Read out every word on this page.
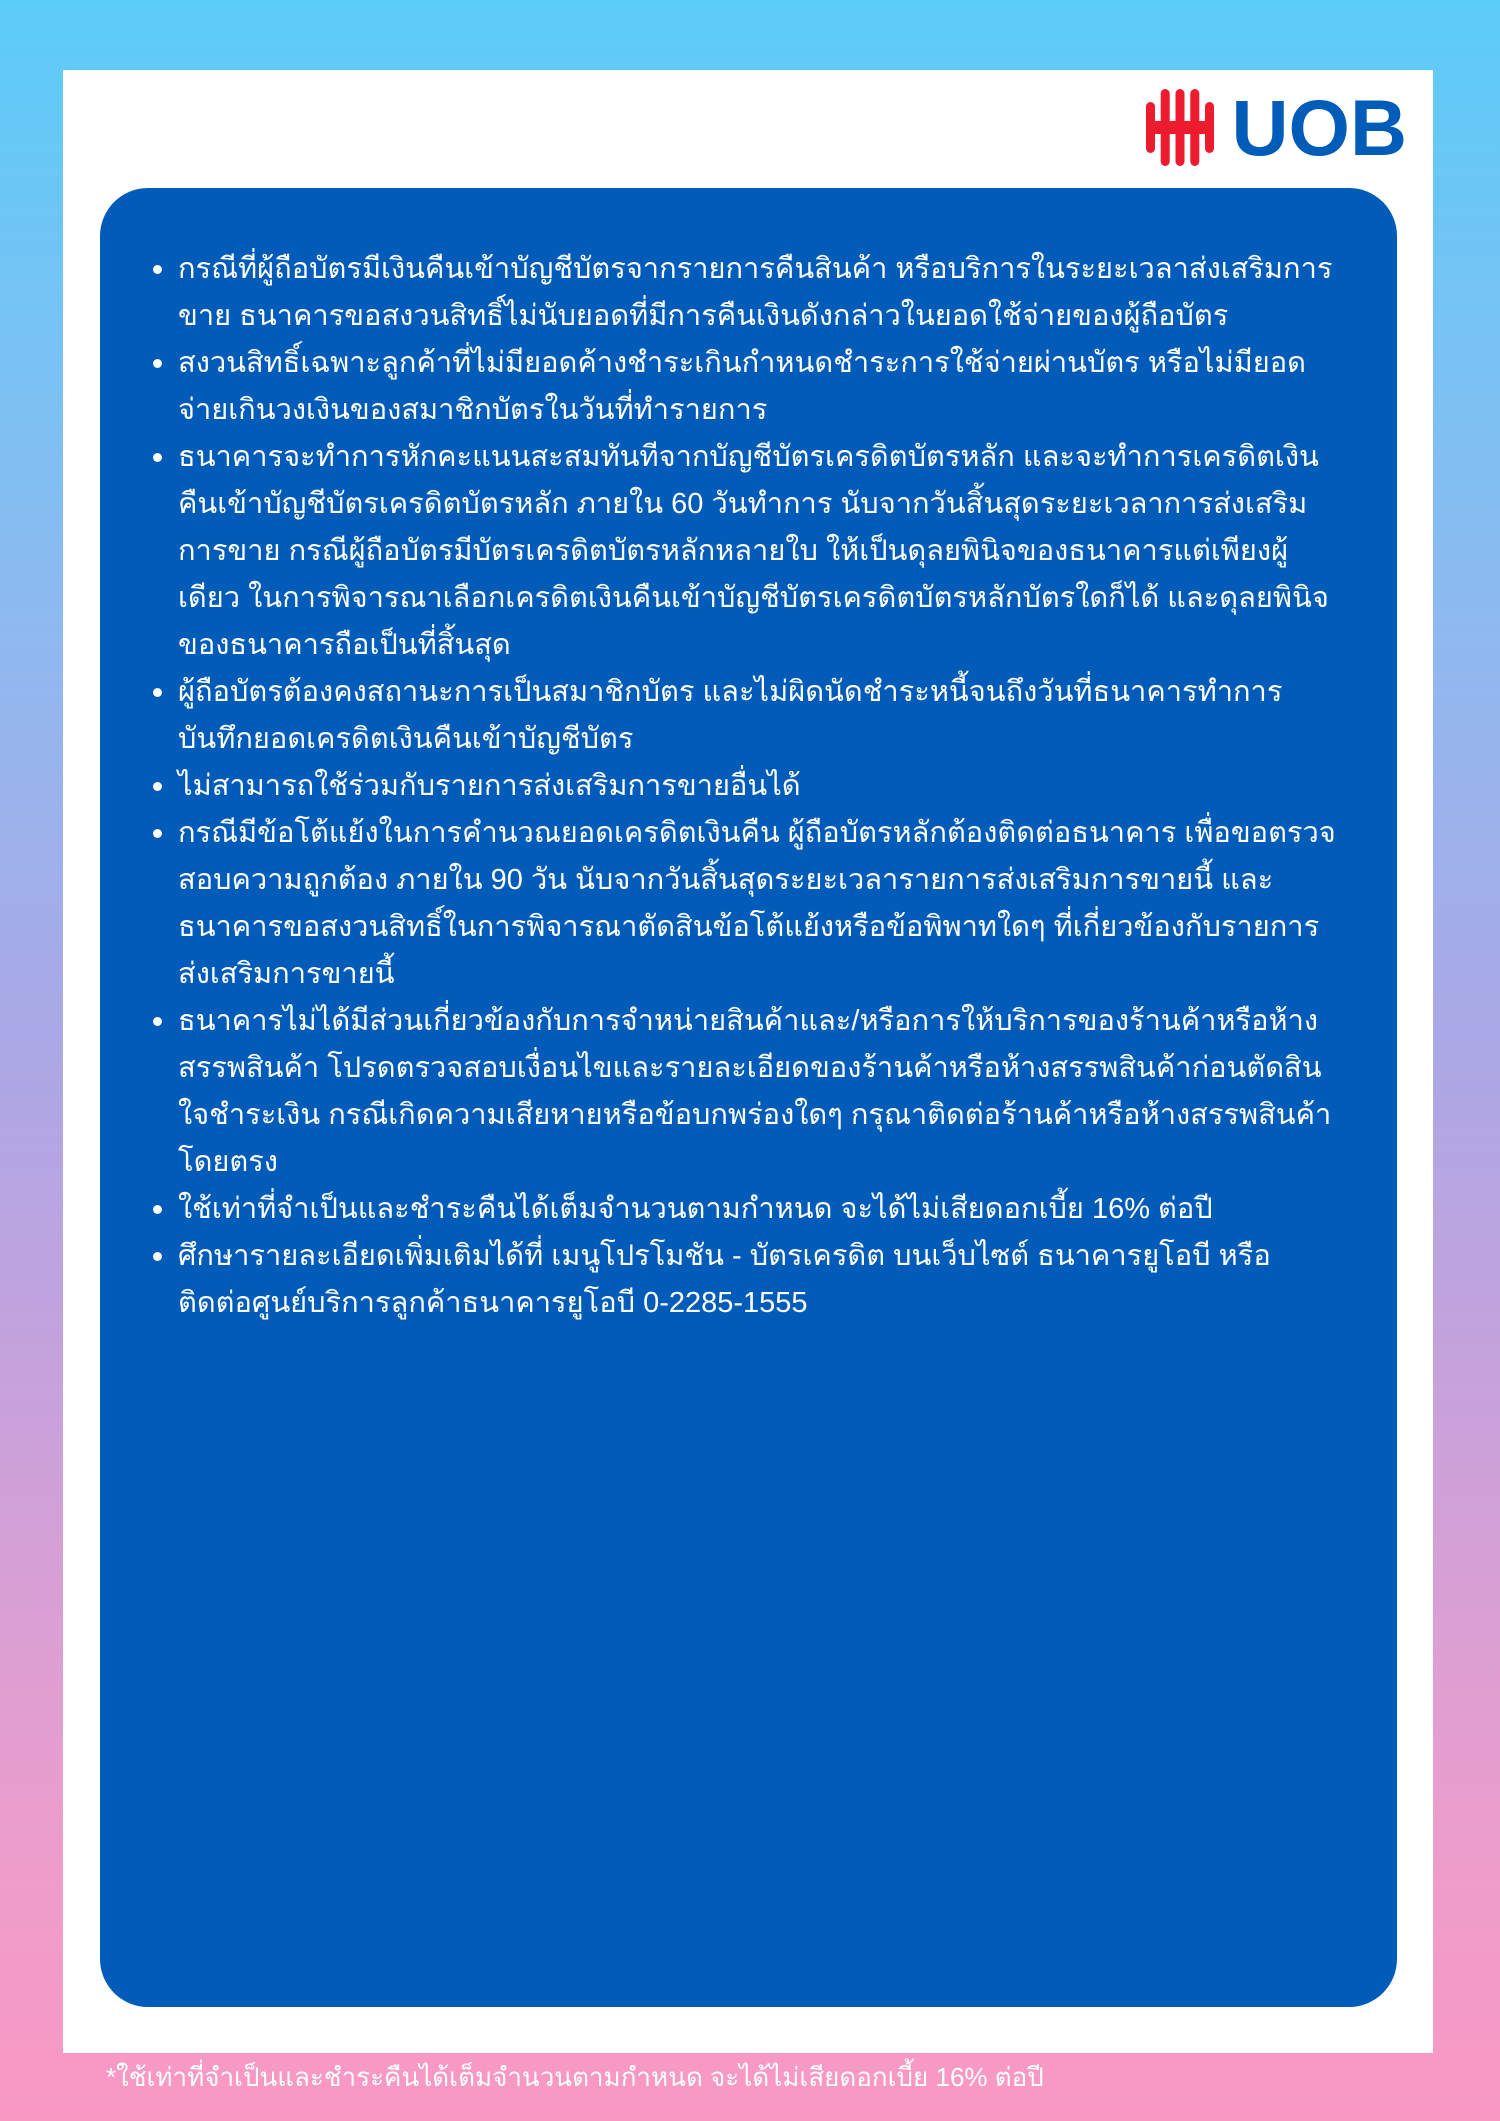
UOB
กรณีที่ผู้ถือบัตรมีเงินคืนเข้าบัญชีบัตรจากรายการคืนสินค้า หรือบริการในระยะเวลาส่งเสริมการขาย ธนาคารขอสงวนสิทธิ์ไม่นับยอดที่มีการคืนเงินดังกล่าวในยอดใช้จ่ายของผู้ถือบัตร
สงวนสิทธิ์เฉพาะลูกค้าที่ไม่มียอดค้างชำระเกินกำหนดชำระการใช้จ่ายผ่านบัตร หรือไม่มียอดจ่ายเกินวงเงินของสมาชิกบัตรในวันที่ทำรายการ
ธนาคารจะทำการหักคะแนนสะสมทันทีจากบัญชีบัตรเครดิตบัตรหลัก และจะทำการเครดิตเงินคืนเข้าบัญชีบัตรเครดิตบัตรหลัก ภายใน 60 วันทำการ นับจากวันสิ้นสุดระยะเวลาการส่งเสริมการขาย กรณีผู้ถือบัตรมีบัตรเครดิตบัตรหลักหลายใบ ให้เป็นดุลยพินิจของธนาคารแต่เพียงผู้เดียว ในการพิจารณาเลือกเครดิตเงินคืนเข้าบัญชีบัตรเครดิตบัตรหลักบัตรใดก็ได้ และดุลยพินิจของธนาคารถือเป็นที่สิ้นสุด
ผู้ถือบัตรต้องคงสถานะการเป็นสมาชิกบัตร และไม่ผิดนัดชำระหนี้จนถึงวันที่ธนาคารทำการบันทึกยอดเครดิตเงินคืนเข้าบัญชีบัตร
ไม่สามารถใช้ร่วมกับรายการส่งเสริมการขายอื่นได้
กรณีมีข้อโต้แย้งในการคำนวณยอดเครดิตเงินคืน ผู้ถือบัตรหลักต้องติดต่อธนาคาร เพื่อขอตรวจสอบความถูกต้อง ภายใน 90 วัน นับจากวันสิ้นสุดระยะเวลารายการส่งเสริมการขายนี้ และธนาคารขอสงวนสิทธิ์ในการพิจารณาตัดสินข้อโต้แย้งหรือข้อพิพาทใดๆ ที่เกี่ยวข้องกับรายการส่งเสริมการขายนี้
ธนาคารไม่ได้มีส่วนเกี่ยวข้องกับการจำหน่ายสินค้าและ/หรือการให้บริการของร้านค้าหรือห้างสรรพสินค้า โปรดตรวจสอบเงื่อนไขและรายละเอียดของร้านค้าหรือห้างสรรพสินค้าก่อนตัดสินใจชำระเงิน กรณีเกิดความเสียหายหรือข้อบกพร่องใดๆ กรุณาติดต่อร้านค้าหรือห้างสรรพสินค้าโดยตรง
ใช้เท่าที่จำเป็นและชำระคืนได้เต็มจำนวนตามกำหนด จะได้ไม่เสียดอกเบี้ย 16% ต่อปี
ศึกษารายละเอียดเพิ่มเติมได้ที่ เมนูโปรโมชัน - บัตรเครดิต บนเว็บไซต์ ธนาคารยูโอบี หรือติดต่อศูนย์บริการลูกค้าธนาคารยูโอบี 0-2285-1555
*ใช้เท่าที่จำเป็นและชำระคืนได้เต็มจำนวนตามกำหนด จะได้ไม่เสียดอกเบี้ย 16% ต่อปี
